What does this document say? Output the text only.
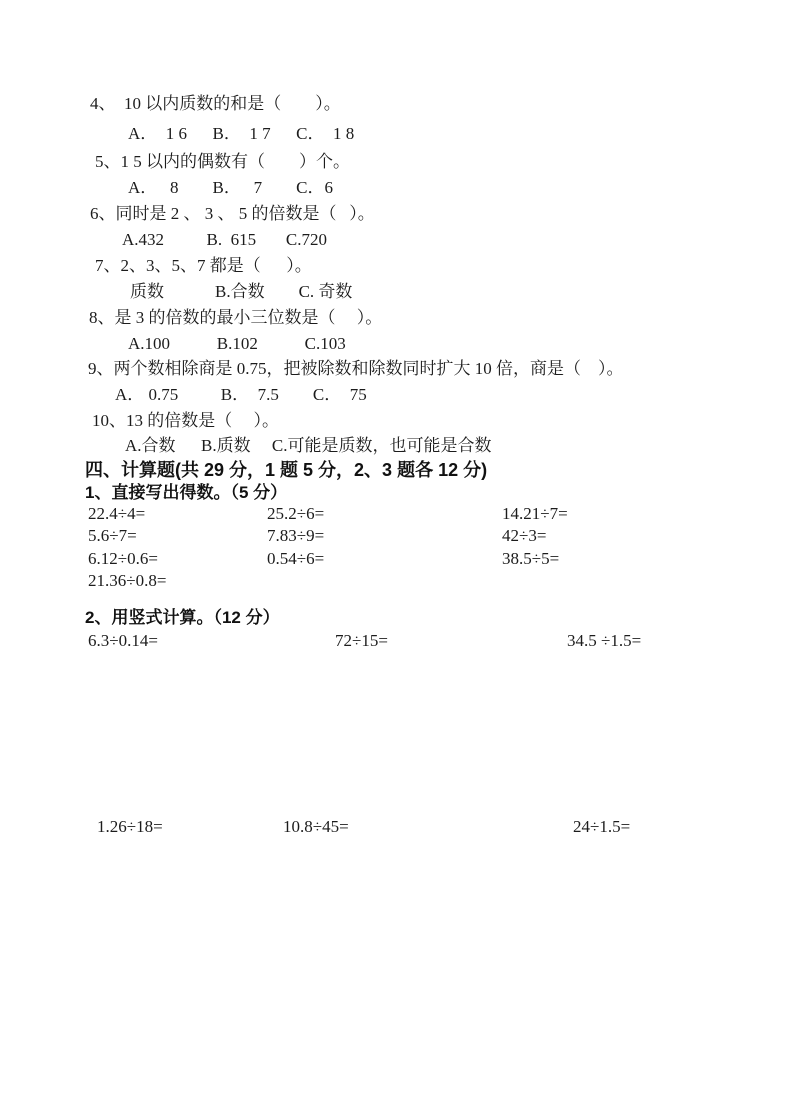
4、  10 以内质数的和是（        ）。
A．  1 6      B．  1 7      C．  1 8
5、1 5 以内的偶数有（        ）个。
A．   8        B．   7        C．6
6、同时是 2 、 3 、 5 的倍数是（   ）。
A.432          B.  615       C.720
7、2、3、5、7 都是（      ）。
质数            B.合数        C. 奇数
8、是 3 的倍数的最小三位数是（     ）。
A.100           B.102           C.103
9、两个数相除商是 0.75，把被除数和除数同时扩大 10 倍，商是（    ）。
A． 0.75          B．  7.5        C．  75
10、13 的倍数是（     ）。
A.合数      B.质数     C.可能是质数，也可能是合数
四、计算题(共 29 分，1 题 5 分，2、3 题各 12 分)
1、直接写出得数。（5 分）
22.4÷4=	25.2÷6=	14.21÷7=
5.6÷7=	7.83÷9=	42÷3=
6.12÷0.6=	0.54÷6=	38.5÷5=
21.36÷0.8=
2、用竖式计算。（12 分）
6.3÷0.14=	72÷15=	34.5 ÷1.5=
1.26÷18=	10.8÷45=	24÷1.5=
